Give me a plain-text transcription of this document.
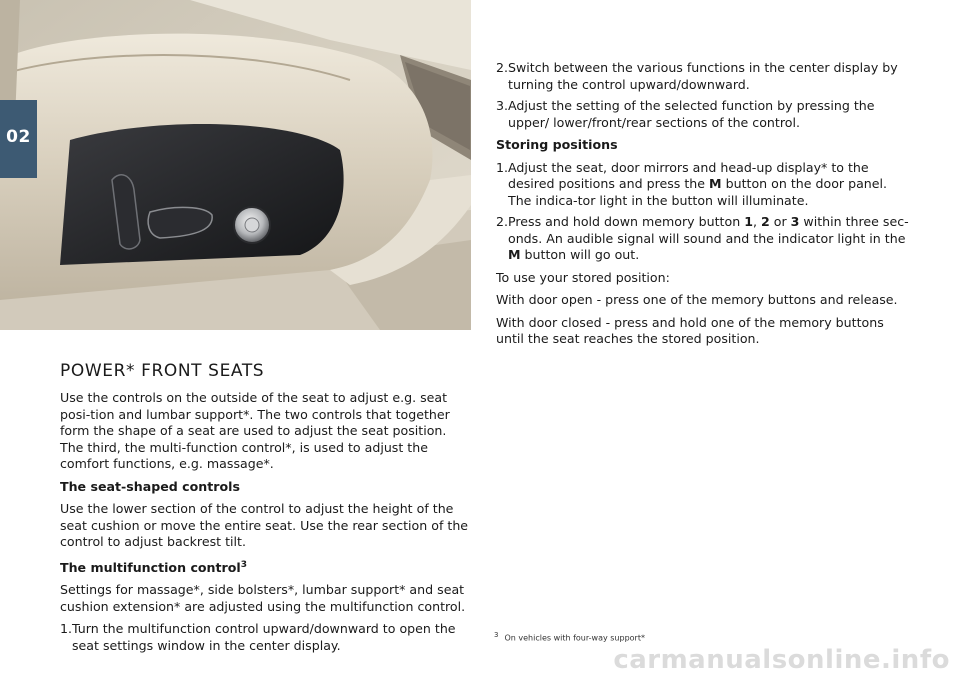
02
POWER* FRONT SEATS

Use the controls on the outside of the seat to adjust e.g. seat posi-tion and lumbar support*. The two controls that together form the shape of a seat are used to adjust the seat position. The third, the multi-function control*, is used to adjust the comfort functions, e.g. massage*.

The seat-shaped controls

Use the lower section of the control to adjust the height of the seat cushion or move the entire seat. Use the rear section of the control to adjust backrest tilt.

The multifunction control$^3$

Settings for massage*, side bolsters*, lumbar support* and seat cushion extension* are adjusted using the multifunction control.

1. Turn the multifunction control upward/downward to open the seat settings window in the center display.
2. Switch between the various functions in the center display by turning the control upward/downward.
3. Adjust the setting of the selected function by pressing the upper/ lower/front/rear sections of the control.
Storing positions
1. Adjust the seat, door mirrors and head-up display* to the desired positions and press the M button on the door panel. The indica-tor light in the button will illuminate.
2. Press and hold down memory button 1, 2 or 3 within three sec-onds. An audible signal will sound and the indicator light in the M button will go out.

To use your stored position:

With door open - press one of the memory buttons and release.

With door closed - press and hold one of the memory buttons until the seat reaches the stored position.

$^3$ On vehicles with four-way support*
carmanualsonline.info
